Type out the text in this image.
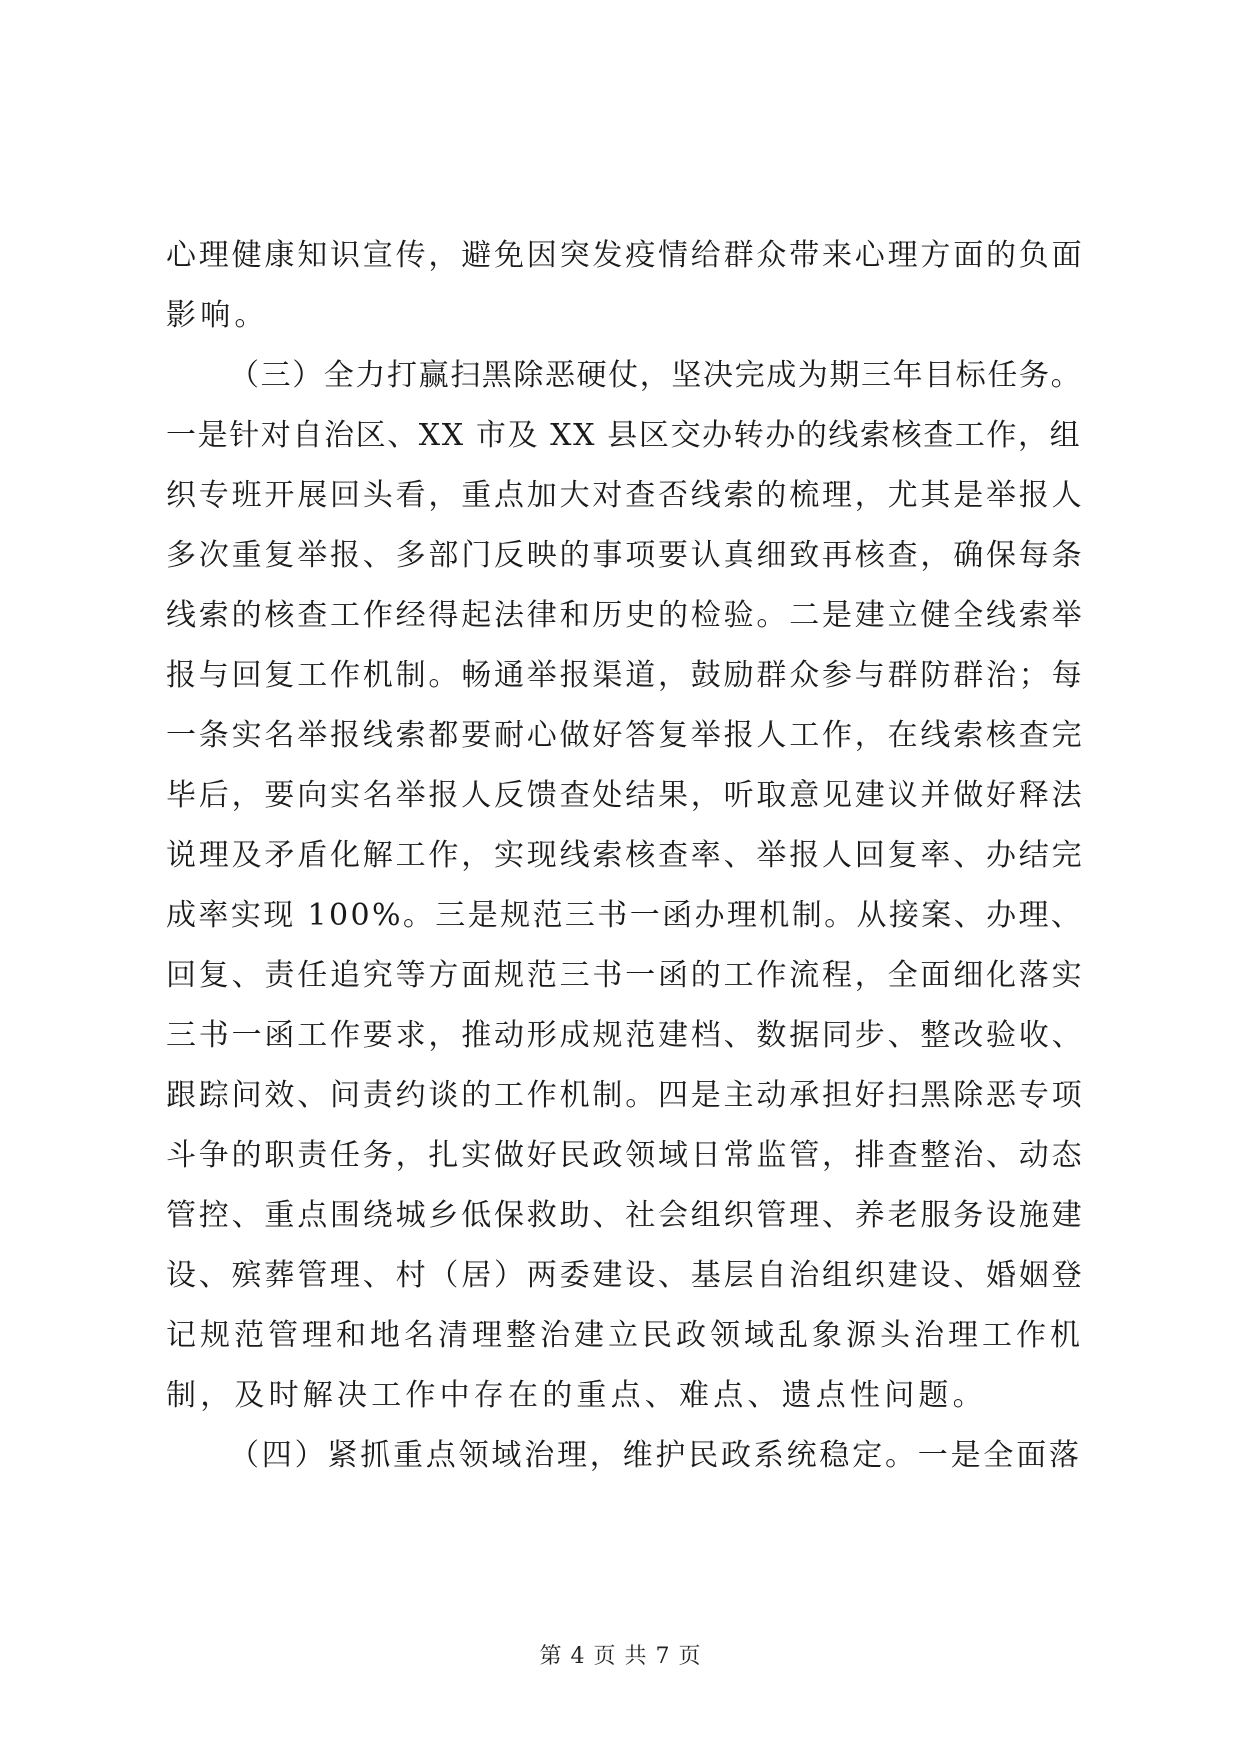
心理健康知识宣传，避免因突发疫情给群众带来心理方面的负面
影响。
（三）全力打赢扫黑除恶硬仗，坚决完成为期三年目标任务。
一是针对自治区、XX 市及 XX 县区交办转办的线索核查工作，组
织专班开展回头看，重点加大对查否线索的梳理，尤其是举报人
多次重复举报、多部门反映的事项要认真细致再核查，确保每条
线索的核查工作经得起法律和历史的检验。二是建立健全线索举
报与回复工作机制。畅通举报渠道，鼓励群众参与群防群治；每
一条实名举报线索都要耐心做好答复举报人工作，在线索核查完
毕后，要向实名举报人反馈查处结果，听取意见建议并做好释法
说理及矛盾化解工作，实现线索核查率、举报人回复率、办结完
成率实现 100%。三是规范三书一函办理机制。从接案、办理、
回复、责任追究等方面规范三书一函的工作流程，全面细化落实
三书一函工作要求，推动形成规范建档、数据同步、整改验收、
跟踪问效、问责约谈的工作机制。四是主动承担好扫黑除恶专项
斗争的职责任务，扎实做好民政领域日常监管，排查整治、动态
管控、重点围绕城乡低保救助、社会组织管理、养老服务设施建
设、殡葬管理、村（居）两委建设、基层自治组织建设、婚姻登
记规范管理和地名清理整治建立民政领域乱象源头治理工作机
制，及时解决工作中存在的重点、难点、遗点性问题。
（四）紧抓重点领域治理，维护民政系统稳定。一是全面落
第 4 页 共 7 页
